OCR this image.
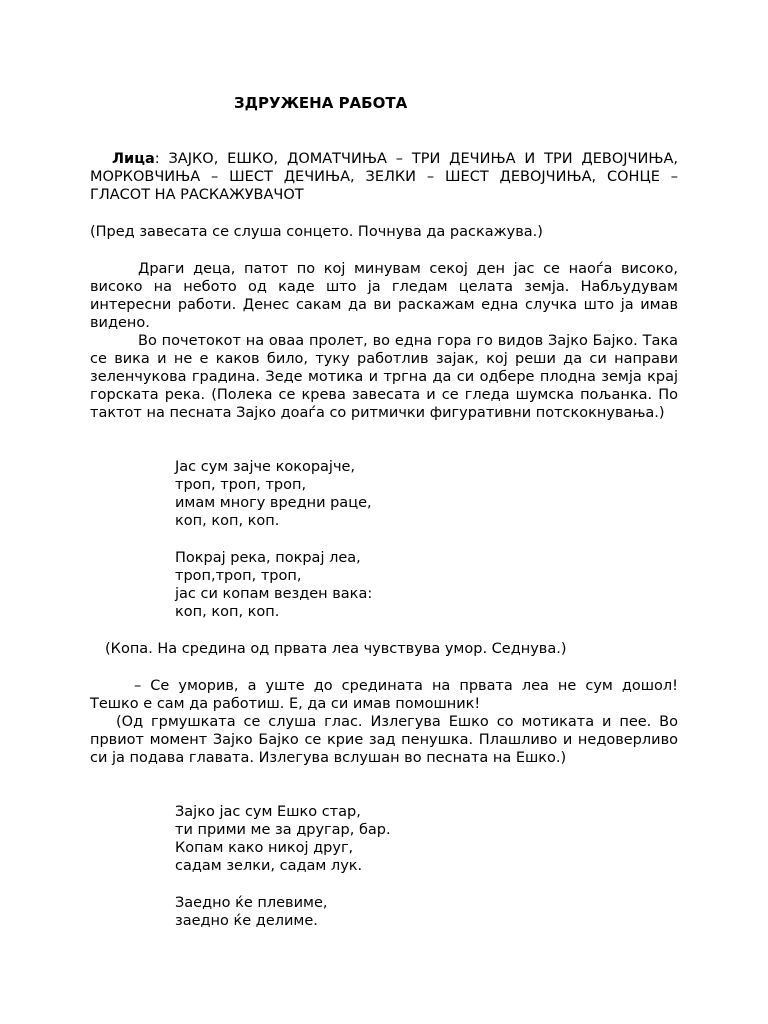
ЗДРУЖЕНА РАБОТА

Лица: ЗАЈКО, ЕШКО, ДОМАТЧИЊА – ТРИ ДЕЧИЊА И ТРИ ДЕВОЈЧИЊА, МОРКОВЧИЊА – ШЕСТ ДЕЧИЊА, ЗЕЛКИ – ШЕСТ ДЕВОЈЧИЊА, СОНЦЕ – ГЛАСОТ НА РАСКАЖУВАЧОТ

(Пред завесата се слуша сонцето. Почнува да раскажува.)

Драги деца, патот по кој минувам секој ден јас се наоѓа високо, високо на небото од каде што ја гледам целата земја. Набљудувам интересни работи. Денес сакам да ви раскажам една случка што ја имав видено.

Во почетокот на оваа пролет, во една гора го видов Зајко Бајко. Така се вика и не е каков било, туку работлив зајак, кој реши да си направи зеленчукова градина. Зеде мотика и тргна да си одбере плодна земја крај горската река. (Полека се крева завесата и се гледа шумска пољанка. По тактот на песната Зајко доаѓа со ритмички фигуративни потскокнувања.)

Јас сум зајче кокорајче,
троп, троп, троп,
имам многу вредни раце,
коп, коп, коп.
Покрај река, покрај леа,
троп,троп, троп,
јас си копам везден вака:
коп, коп, коп.

(Копа. На средина од првата леа чувствува умор. Седнува.)

– Се уморив, а уште до средината на првата леа не сум дошол! Тешко е сам да работиш. Е, да си имав помошник!

(Од грмушката се слуша глас. Излегува Ешко со мотиката и пее. Во првиот момент Зајко Бајко се крие зад пенушка. Плашливо и недоверливо си ја подава главата. Излегува вслушан во песната на Ешко.)

Зајко јас сум Ешко стар,
ти прими ме за другар, бар.
Копам како никој друг,
садам зелки, садам лук.
Заедно ќе плевиме,
заедно ќе делиме.
